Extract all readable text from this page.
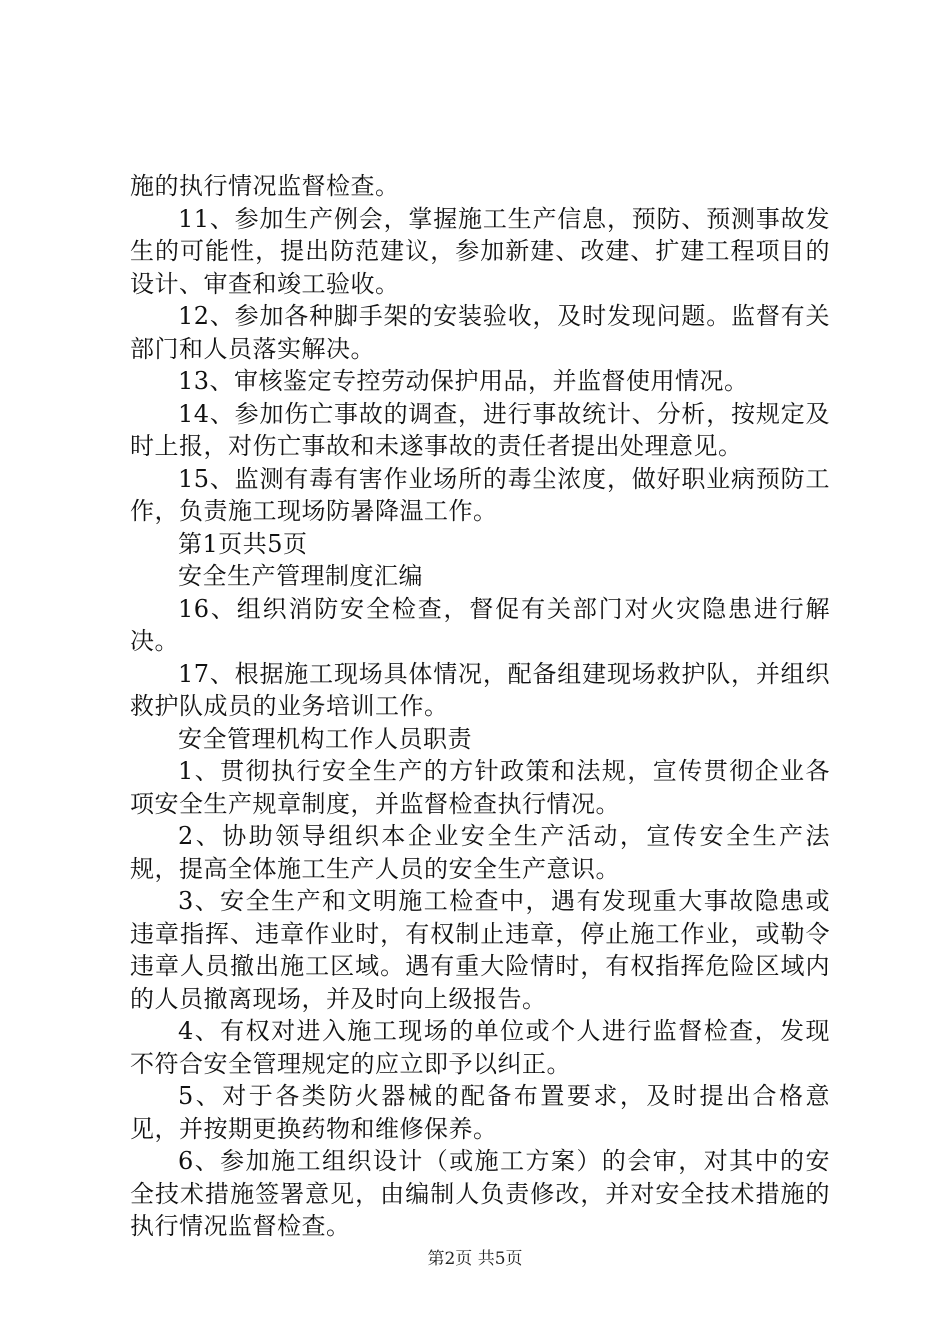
施的执行情况监督检查。

11、参加生产例会，掌握施工生产信息，预防、预测事故发生的可能性，提出防范建议，参加新建、改建、扩建工程项目的设计、审查和竣工验收。

12、参加各种脚手架的安装验收，及时发现问题。监督有关部门和人员落实解决。

13、审核鉴定专控劳动保护用品，并监督使用情况。

14、参加伤亡事故的调查，进行事故统计、分析，按规定及时上报，对伤亡事故和未遂事故的责任者提出处理意见。

15、监测有毒有害作业场所的毒尘浓度，做好职业病预防工作，负责施工现场防暑降温工作。

第1页共5页

安全生产管理制度汇编

16、组织消防安全检查，督促有关部门对火灾隐患进行解决。

17、根据施工现场具体情况，配备组建现场救护队，并组织救护队成员的业务培训工作。

安全管理机构工作人员职责

1、贯彻执行安全生产的方针政策和法规，宣传贯彻企业各项安全生产规章制度，并监督检查执行情况。

2、协助领导组织本企业安全生产活动，宣传安全生产法规，提高全体施工生产人员的安全生产意识。

3、安全生产和文明施工检查中，遇有发现重大事故隐患或违章指挥、违章作业时，有权制止违章，停止施工作业，或勒令违章人员撤出施工区域。遇有重大险情时，有权指挥危险区域内的人员撤离现场，并及时向上级报告。

4、有权对进入施工现场的单位或个人进行监督检查，发现不符合安全管理规定的应立即予以纠正。

5、对于各类防火器械的配备布置要求，及时提出合格意见，并按期更换药物和维修保养。

6、参加施工组织设计（或施工方案）的会审，对其中的安全技术措施签署意见，由编制人负责修改，并对安全技术措施的执行情况监督检查。

第2页 共5页
